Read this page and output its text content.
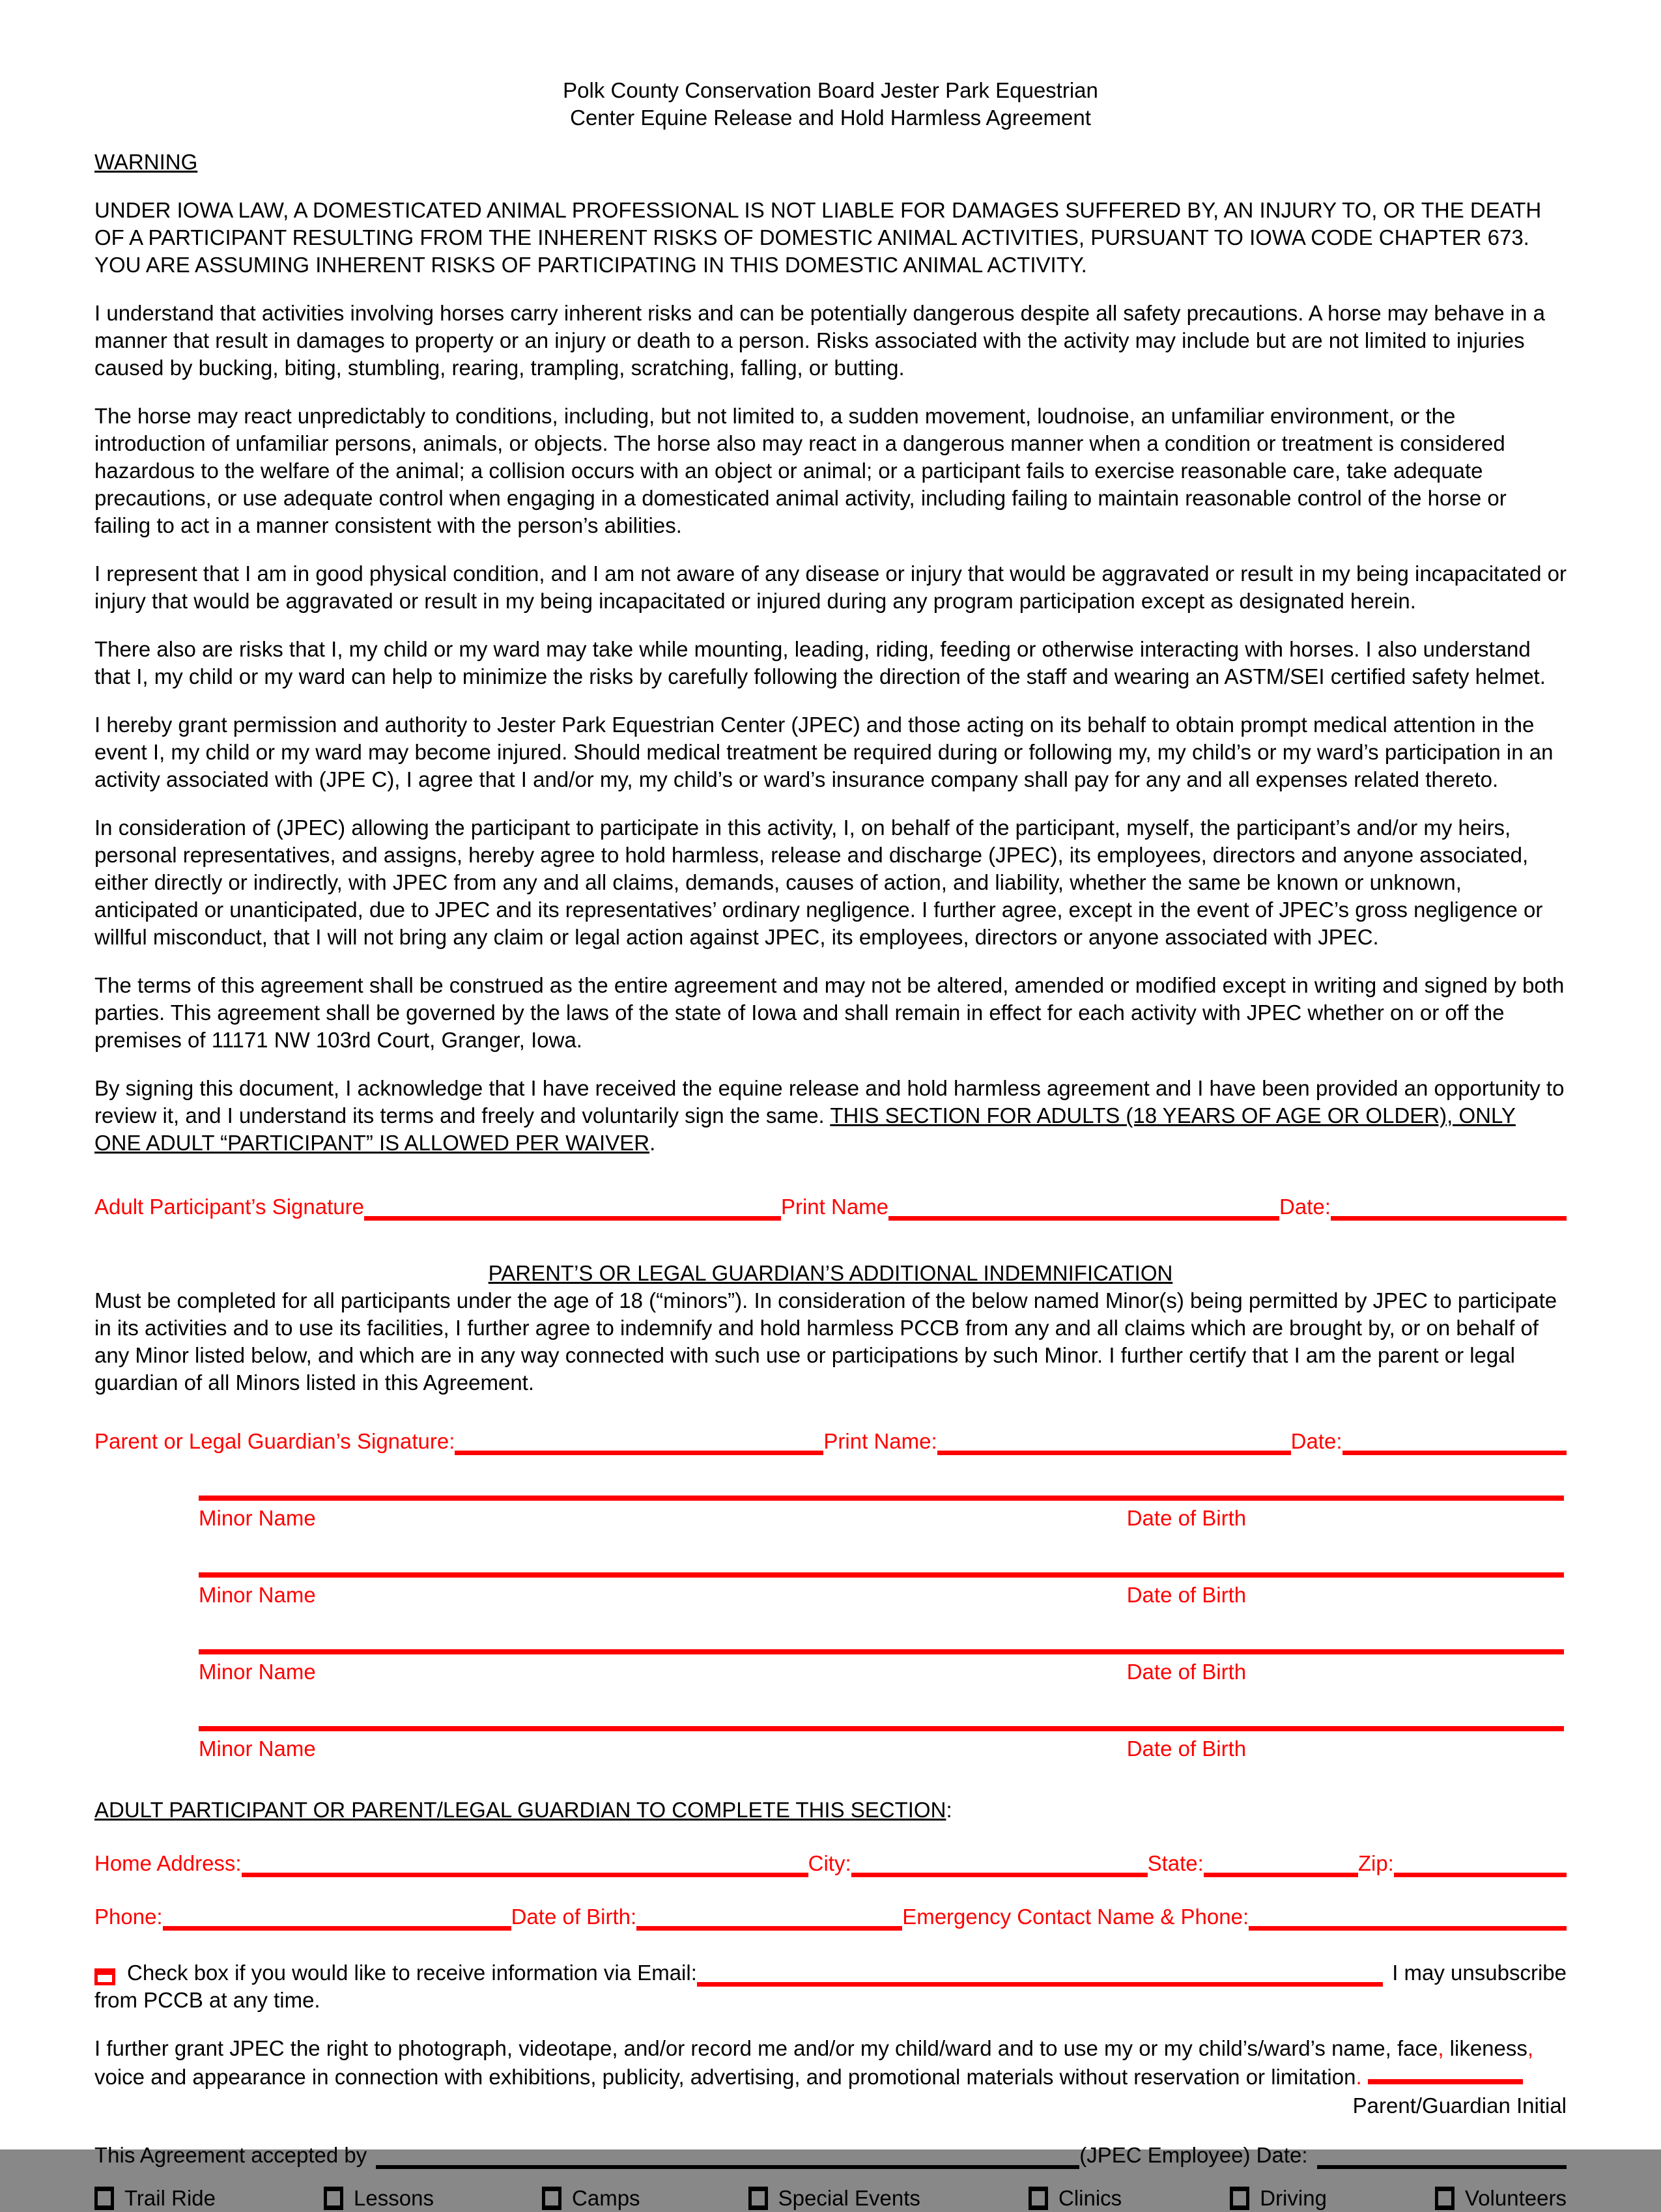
Polk County Conservation Board Jester Park Equestrian
Center Equine Release and Hold Harmless Agreement
WARNING

UNDER IOWA LAW, A DOMESTICATED ANIMAL PROFESSIONAL IS NOT LIABLE FOR DAMAGES SUFFERED BY, AN INJURY TO, OR THE DEATH OF A PARTICIPANT RESULTING FROM THE INHERENT RISKS OF DOMESTIC ANIMAL ACTIVITIES, PURSUANT TO IOWA CODE CHAPTER 673. YOU ARE ASSUMING INHERENT RISKS OF PARTICIPATING IN THIS DOMESTIC ANIMAL ACTIVITY.

I understand that activities involving horses carry inherent risks and can be potentially dangerous despite all safety precautions. A horse may behave in a manner that result in damages to property or an injury or death to a person. Risks associated with the activity may include but are not limited to injuries caused by bucking, biting, stumbling, rearing, trampling, scratching, falling, or butting.

The horse may react unpredictably to conditions, including, but not limited to, a sudden movement, loudnoise, an unfamiliar environment, or the introduction of unfamiliar persons, animals, or objects. The horse also may react in a dangerous manner when a condition or treatment is considered hazardous to the welfare of the animal; a collision occurs with an object or animal; or a participant fails to exercise reasonable care, take adequate precautions, or use adequate control when engaging in a domesticated animal activity, including failing to maintain reasonable control of the horse or failing to act in a manner consistent with the person’s abilities.

I represent that I am in good physical condition, and I am not aware of any disease or injury that would be aggravated or result in my being incapacitated or injury that would be aggravated or result in my being incapacitated or injured during any program participation except as designated herein.

There also are risks that I, my child or my ward may take while mounting, leading, riding, feeding or otherwise interacting with horses. I also understand that I, my child or my ward can help to minimize the risks by carefully following the direction of the staff and wearing an ASTM/SEI certified safety helmet.

I hereby grant permission and authority to Jester Park Equestrian Center (JPEC) and those acting on its behalf to obtain prompt medical attention in the event I, my child or my ward may become injured. Should medical treatment be required during or following my, my child’s or my ward’s participation in an activity associated with (JPE C), I agree that I and/or my, my child’s or ward’s insurance company shall pay for any and all expenses related thereto.

In consideration of (JPEC) allowing the participant to participate in this activity, I, on behalf of the participant, myself, the participant’s and/or my heirs, personal representatives, and assigns, hereby agree to hold harmless, release and discharge (JPEC), its employees, directors and anyone associated, either directly or indirectly, with JPEC from any and all claims, demands, causes of action, and liability, whether the same be known or unknown, anticipated or unanticipated, due to JPEC and its representatives’ ordinary negligence. I further agree, except in the event of JPEC’s gross negligence or willful misconduct, that I will not bring any claim or legal action against JPEC, its employees, directors or anyone associated with JPEC.

The terms of this agreement shall be construed as the entire agreement and may not be altered, amended or modified except in writing and signed by both parties. This agreement shall be governed by the laws of the state of Iowa and shall remain in effect for each activity with JPEC whether on or off the premises of 11171 NW 103rd Court, Granger, Iowa.

By signing this document, I acknowledge that I have received the equine release and hold harmless agreement and I have been provided an opportunity to review it, and I understand its terms and freely and voluntarily sign the same. THIS SECTION FOR ADULTS (18 YEARS OF AGE OR OLDER), ONLY ONE ADULT “PARTICIPANT” IS ALLOWED PER WAIVER.

Adult Participant’s Signature	Print Name	Date:
PARENT’S OR LEGAL GUARDIAN’S ADDITIONAL INDEMNIFICATION

Must be completed for all participants under the age of 18 (“minors”). In consideration of the below named Minor(s) being permitted by JPEC to participate in its activities and to use its facilities, I further agree to indemnify and hold harmless PCCB from any and all claims which are brought by, or on behalf of any Minor listed below, and which are in any way connected with such use or participations by such Minor. I further certify that I am the parent or legal guardian of all Minors listed in this Agreement.

Parent or Legal Guardian’s Signature:	Print Name:	Date:
Minor Name	Date of Birth
Minor Name	Date of Birth
Minor Name	Date of Birth
Minor Name	Date of Birth
ADULT PARTICIPANT OR PARENT/LEGAL GUARDIAN TO COMPLETE THIS SECTION:
Home Address:	City:	State:	Zip:
Phone:	Date of Birth:	Emergency Contact Name & Phone:
Check box if you would like to receive information via Email:	I may unsubscribe

from PCCB at any time.

I further grant JPEC the right to photograph, videotape, and/or record me and/or my child/ward and to use my or my child’s/ward’s name, face, likeness, voice and appearance in connection with exhibitions, publicity, advertising, and promotional materials without reservation or limitation.

Parent/Guardian Initial
This Agreement accepted by	(JPEC Employee) Date:
Trail Ride	Lessons	Camps	Special Events	Clinics	Driving	Volunteers
